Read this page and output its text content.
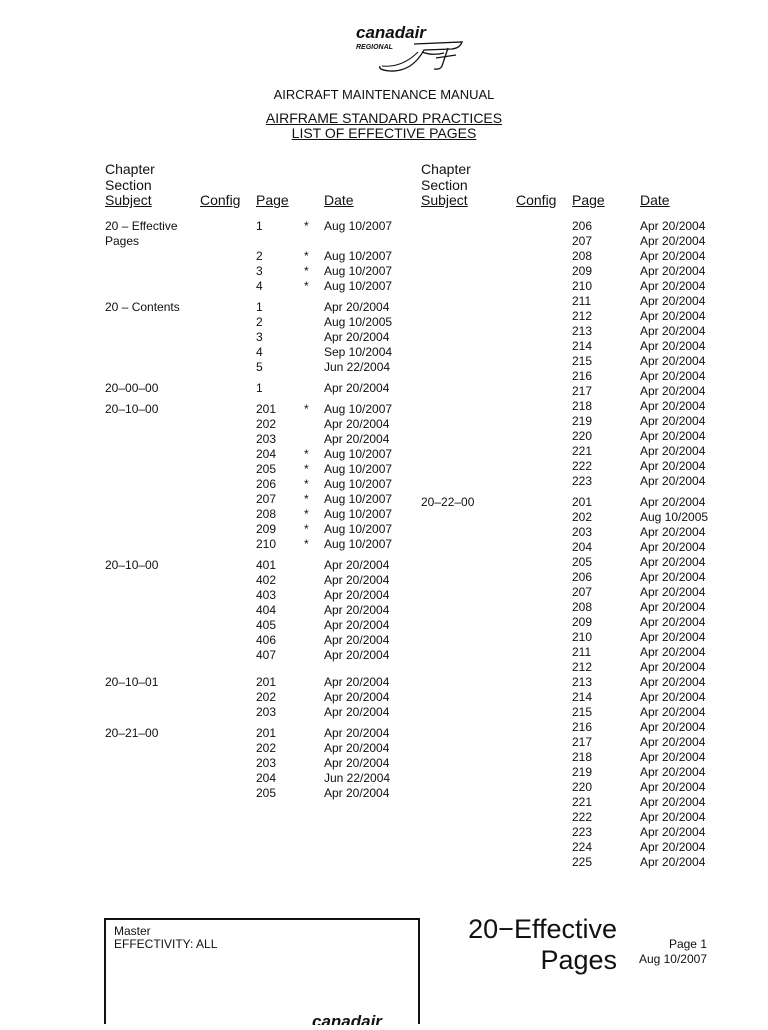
canadair
REGIONAL
AIRCRAFT MAINTENANCE MANUAL
AIRFRAME STANDARD PRACTICES
LIST OF EFFECTIVE PAGES
Chapter
Section
Subject	Config Page	Date
Chapter
Section
Subject	Config Page	Date
20 – Effective	1	* Aug 10/2007
Pages
2	* Aug 10/2007
3	* Aug 10/2007
4	* Aug 10/2007
20 – Contents	1	Apr 20/2004
2	Aug 10/2005
3	Apr 20/2004
4	Sep 10/2004
5	Jun 22/2004
20–00–00	1	Apr 20/2004
20–10–00	201 * Aug 10/2007
202	Apr 20/2004
203	Apr 20/2004
204 * Aug 10/2007
205 * Aug 10/2007
206 * Aug 10/2007
207 * Aug 10/2007
208 * Aug 10/2007
209 * Aug 10/2007
210 * Aug 10/2007
20–10–00	401	Apr 20/2004
402	Apr 20/2004
403	Apr 20/2004
404	Apr 20/2004
405	Apr 20/2004
406	Apr 20/2004
407	Apr 20/2004
20–10–01	201	Apr 20/2004
202	Apr 20/2004
203	Apr 20/2004
20–21–00	201	Apr 20/2004
202	Apr 20/2004
203	Apr 20/2004
204	Jun 22/2004
205	Apr 20/2004
206	Apr 20/2004
207	Apr 20/2004
208	Apr 20/2004
209	Apr 20/2004
210	Apr 20/2004
211	Apr 20/2004
212	Apr 20/2004
213	Apr 20/2004
214	Apr 20/2004
215	Apr 20/2004
216	Apr 20/2004
217	Apr 20/2004
218	Apr 20/2004
219	Apr 20/2004
220	Apr 20/2004
221	Apr 20/2004
222	Apr 20/2004
223	Apr 20/2004
20–22–00	201	Apr 20/2004
202	Aug 10/2005
203	Apr 20/2004
204	Apr 20/2004
205	Apr 20/2004
206	Apr 20/2004
207	Apr 20/2004
208	Apr 20/2004
209	Apr 20/2004
210	Apr 20/2004
211	Apr 20/2004
212	Apr 20/2004
213	Apr 20/2004
214	Apr 20/2004
215	Apr 20/2004
216	Apr 20/2004
217	Apr 20/2004
218	Apr 20/2004
219	Apr 20/2004
220	Apr 20/2004
221	Apr 20/2004
222	Apr 20/2004
223	Apr 20/2004
224	Apr 20/2004
225	Apr 20/2004
Master
EFFECTIVITY: ALL	20−Effective
Pages
Page 1
Aug 10/2007
canadair
